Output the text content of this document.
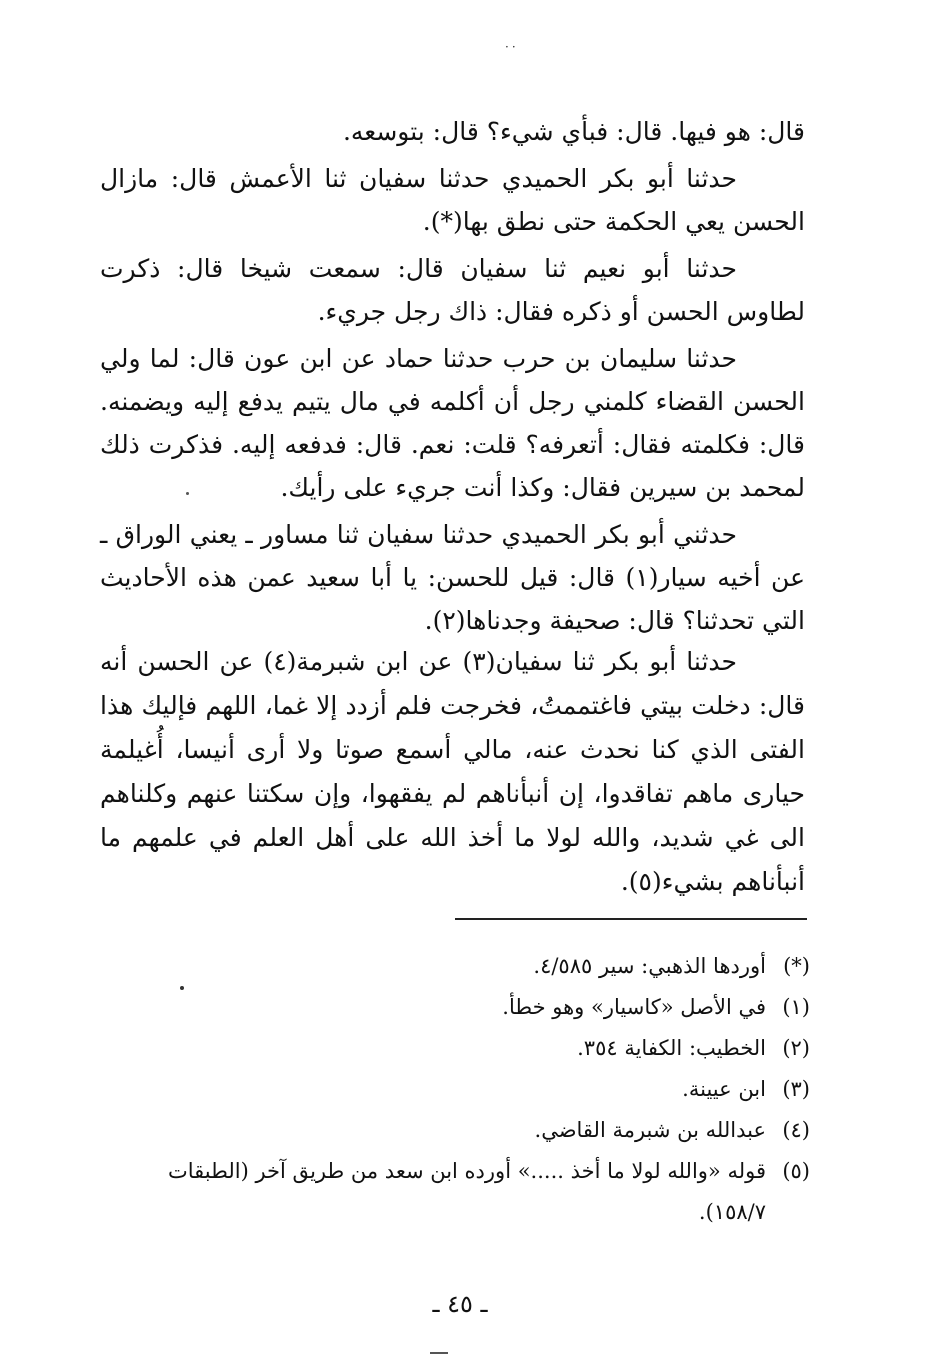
··

قال: هو فيها. قال: فبأي شيء؟ قال: بتوسعه.

حدثنا أبو بكر الحميدي حدثنا سفيان ثنا الأعمش قال: مازال الحسن يعي الحكمة حتى نطق بها(*).

حدثنا أبو نعيم ثنا سفيان قال: سمعت شيخا قال: ذكرت لطاوس الحسن أو ذكره فقال: ذاك رجل جريء.

حدثنا سليمان بن حرب حدثنا حماد عن ابن عون قال: لما ولي الحسن القضاء كلمني رجل أن أكلمه في مال يتيم يدفع إليه ويضمنه. قال: فكلمته فقال: أتعرفه؟ قلت: نعم. قال: فدفعه إليه. فذكرت ذلك لمحمد بن سيرين فقال: وكذا أنت جريء على رأيك.

حدثني أبو بكر الحميدي حدثنا سفيان ثنا مساور ـ يعني الوراق ـ عن أخيه سيار(١) قال: قيل للحسن: يا أبا سعيد عمن هذه الأحاديث التي تحدثنا؟ قال: صحيفة وجدناها(٢).

حدثنا أبو بكر ثنا سفيان(٣) عن ابن شبرمة(٤) عن الحسن أنه قال: دخلت بيتي فاغتممتُ، فخرجت فلم أزدد إلا غما، اللهم فإليك هذا الفتى الذي كنا نحدث عنه، مالي أسمع صوتا ولا أرى أنيسا، أُغيلمة حيارى ماهم تفاقدوا، إن أنبأناهم لم يفقهوا، وإن سكتنا عنهم وكلناهم الى غي شديد، والله لولا ما أخذ الله على أهل العلم في علمهم ما أنبأناهم بشيء(٥).

(*)
أوردها الذهبي: سير ٤/٥٨٥.
(١)
في الأصل «كاسيار» وهو خطأ.
(٢)
الخطيب: الكفاية ٣٥٤.
(٣)
ابن عيينة.
(٤)
عبدالله بن شبرمة القاضي.
(٥)
قوله «والله لولا ما أخذ .....» أورده ابن سعد من طريق آخر (الطبقات ١٥٨/٧).
ـ ٤٥ ـ
